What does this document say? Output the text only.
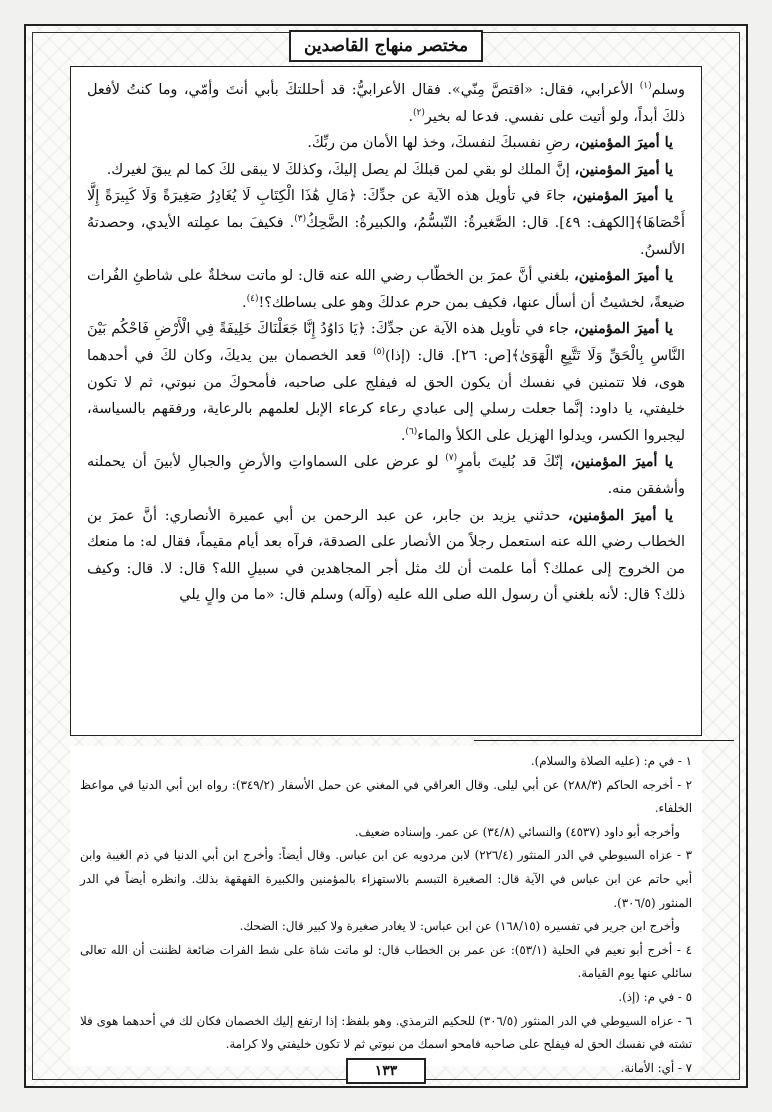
مختصر منهاج القاصدين

وسلم$^{(١)}$ الأعرابي، فقال: «اقتصَّ مِنّي». فقال الأعرابيُّ: قد أحللتكَ بأبي أنتَ وأمّي، وما كنتُ لأفعل ذلكَ أبداً، ولو أتيت على نفسي. فدعا له بخير$^{(٢)}$.

يا أميرَ المؤمنين، رضِ نفسبكَ لنفسكَ، وخذ لها الأمان من ربِّكَ.

يا أميرَ المؤمنين، إنَّ الملك لو بقي لمن قبلكَ لم يصل إليكَ، وكذلكَ لا يبقى لكَ كما لم يبقَ لغيرك.

يا أميرَ المؤمنين، جاءَ في تأويل هذه الآية عن جدِّكَ: ﴿مَالِ هَٰذَا الْكِتَابِ لَا يُغَادِرُ صَغِيرَةً وَلَا كَبِيرَةً إِلَّا أَحْصَاهَا﴾[الكهف: ٤٩]. قال: الصَّغيرةُ: التّبسُّمُ، والكبيرةُ: الضَّحِكُ$^{(٣)}$. فكيفَ بما عمِلته الأيدي، وحصدتهُ الألسنُ.

يا أميرَ المؤمنين، بلغني أنَّ عمرَ بن الخطّاب رضي الله عنه قال: لو ماتت سخلةٌ على شاطئِ الفُرات ضيعةً، لخشيتُ أن أسأل عنها، فكيف بمن حرم عدلكَ وهو على بساطك؟!$^{(٤)}$.

يا أميرَ المؤمنين، جاء في تأويل هذه الآية عن جدِّكَ: ﴿يَا دَاوُدُ إِنَّا جَعَلْنَاكَ خَلِيفَةً فِي الْأَرْضِ فَاحْكُم بَيْنَ النَّاسِ بِالْحَقِّ وَلَا تَتَّبِعِ الْهَوَىٰ﴾[ص: ٢٦]. قال: (إذا)$^{(٥)}$ قعد الخصمان بين يديكَ، وكان لكَ في أحدهما هوى، فلا تتمنين في نفسك أن يكون الحق له فيفلج على صاحبه، فأمحوكَ من نبوتي، ثم لا تكون خليفتي، يا داود: إنَّما جعلت رسلي إلى عبادي رعاء كرعاء الإبل لعلمهم بالرعاية، ورفقهم بالسياسة، ليجبروا الكسر، ويدلوا الهزيل على الكلأ والماء$^{(٦)}$.

يا أميرَ المؤمنين، إنّكَ قد بُليتَ بأمرٍ$^{(٧)}$ لو عرض على السماواتِ والأرضِ والجبالِ لأبينَ أن يحملنه وأشفقن منه.

يا أميرَ المؤمنين، حدثني يزيد بن جابر، عن عبد الرحمن بن أبي عميرة الأنصاري: أنَّ عمرَ بن الخطاب رضي الله عنه استعمل رجلاً من الأنصار على الصدقة، فرآه بعد أيام مقيماً، فقال له: ما منعك من الخروج إلى عملك؟ أما علمت أن لك مثل أجر المجاهدين في سبيلِ الله؟ قال: لا. قال: وكيف ذلك؟ قال: لأنه بلغني أن رسول الله صلى الله عليه (وآله) وسلم قال: «ما من والٍ يلي

١ - في م: (عليه الصلاة والسلام).

٢ - أخرجه الحاكم (٢٨٨/٣) عن أبي ليلى. وقال العراقي في المغني عن حمل الأسفار (٣٤٩/٢): رواه ابن أبي الدنيا في مواعظ الخلفاء.

وأخرجه أبو داود (٤٥٣٧) والنسائي (٣٤/٨) عن عمر. وإسناده ضعيف.

٣ - عزاه السيوطي في الدر المنثور (٢٢٦/٤) لابن مردويه عن ابن عباس. وقال أيضاً: وأخرج ابن أبي الدنيا في ذم الغيبة وابن أبي حاتم عن ابن عباس في الآية قال: الصغيرة التبسم بالاستهزاء بالمؤمنين والكبيرة القهقهة بذلك. وانظره أيضاً في الدر المنثور (٣٠٦/٥).

وأخرج ابن جرير في تفسيره (١٦٨/١٥) عن ابن عباس: لا يغادر صغيرة ولا كبير قال: الضحك.

٤ - أخرج أبو نعيم في الحلية (٥٣/١): عن عمر بن الخطاب قال: لو ماتت شاة على شط الفرات ضائعة لظننت أن الله تعالى سائلي عنها يوم القيامة.

٥ - في م: (إذ).

٦ - عزاه السيوطي في الدر المنثور (٣٠٦/٥) للحكيم الترمذي. وهو بلفظ: إذا ارتفع إليك الخصمان فكان لك في أحدهما هوى فلا تشته في نفسك الحق له فيفلح على صاحبه فامحو اسمك من نبوتي ثم لا تكون خليفتي ولا كرامة.

٧ - أي: الأمانة.

١٣٣
